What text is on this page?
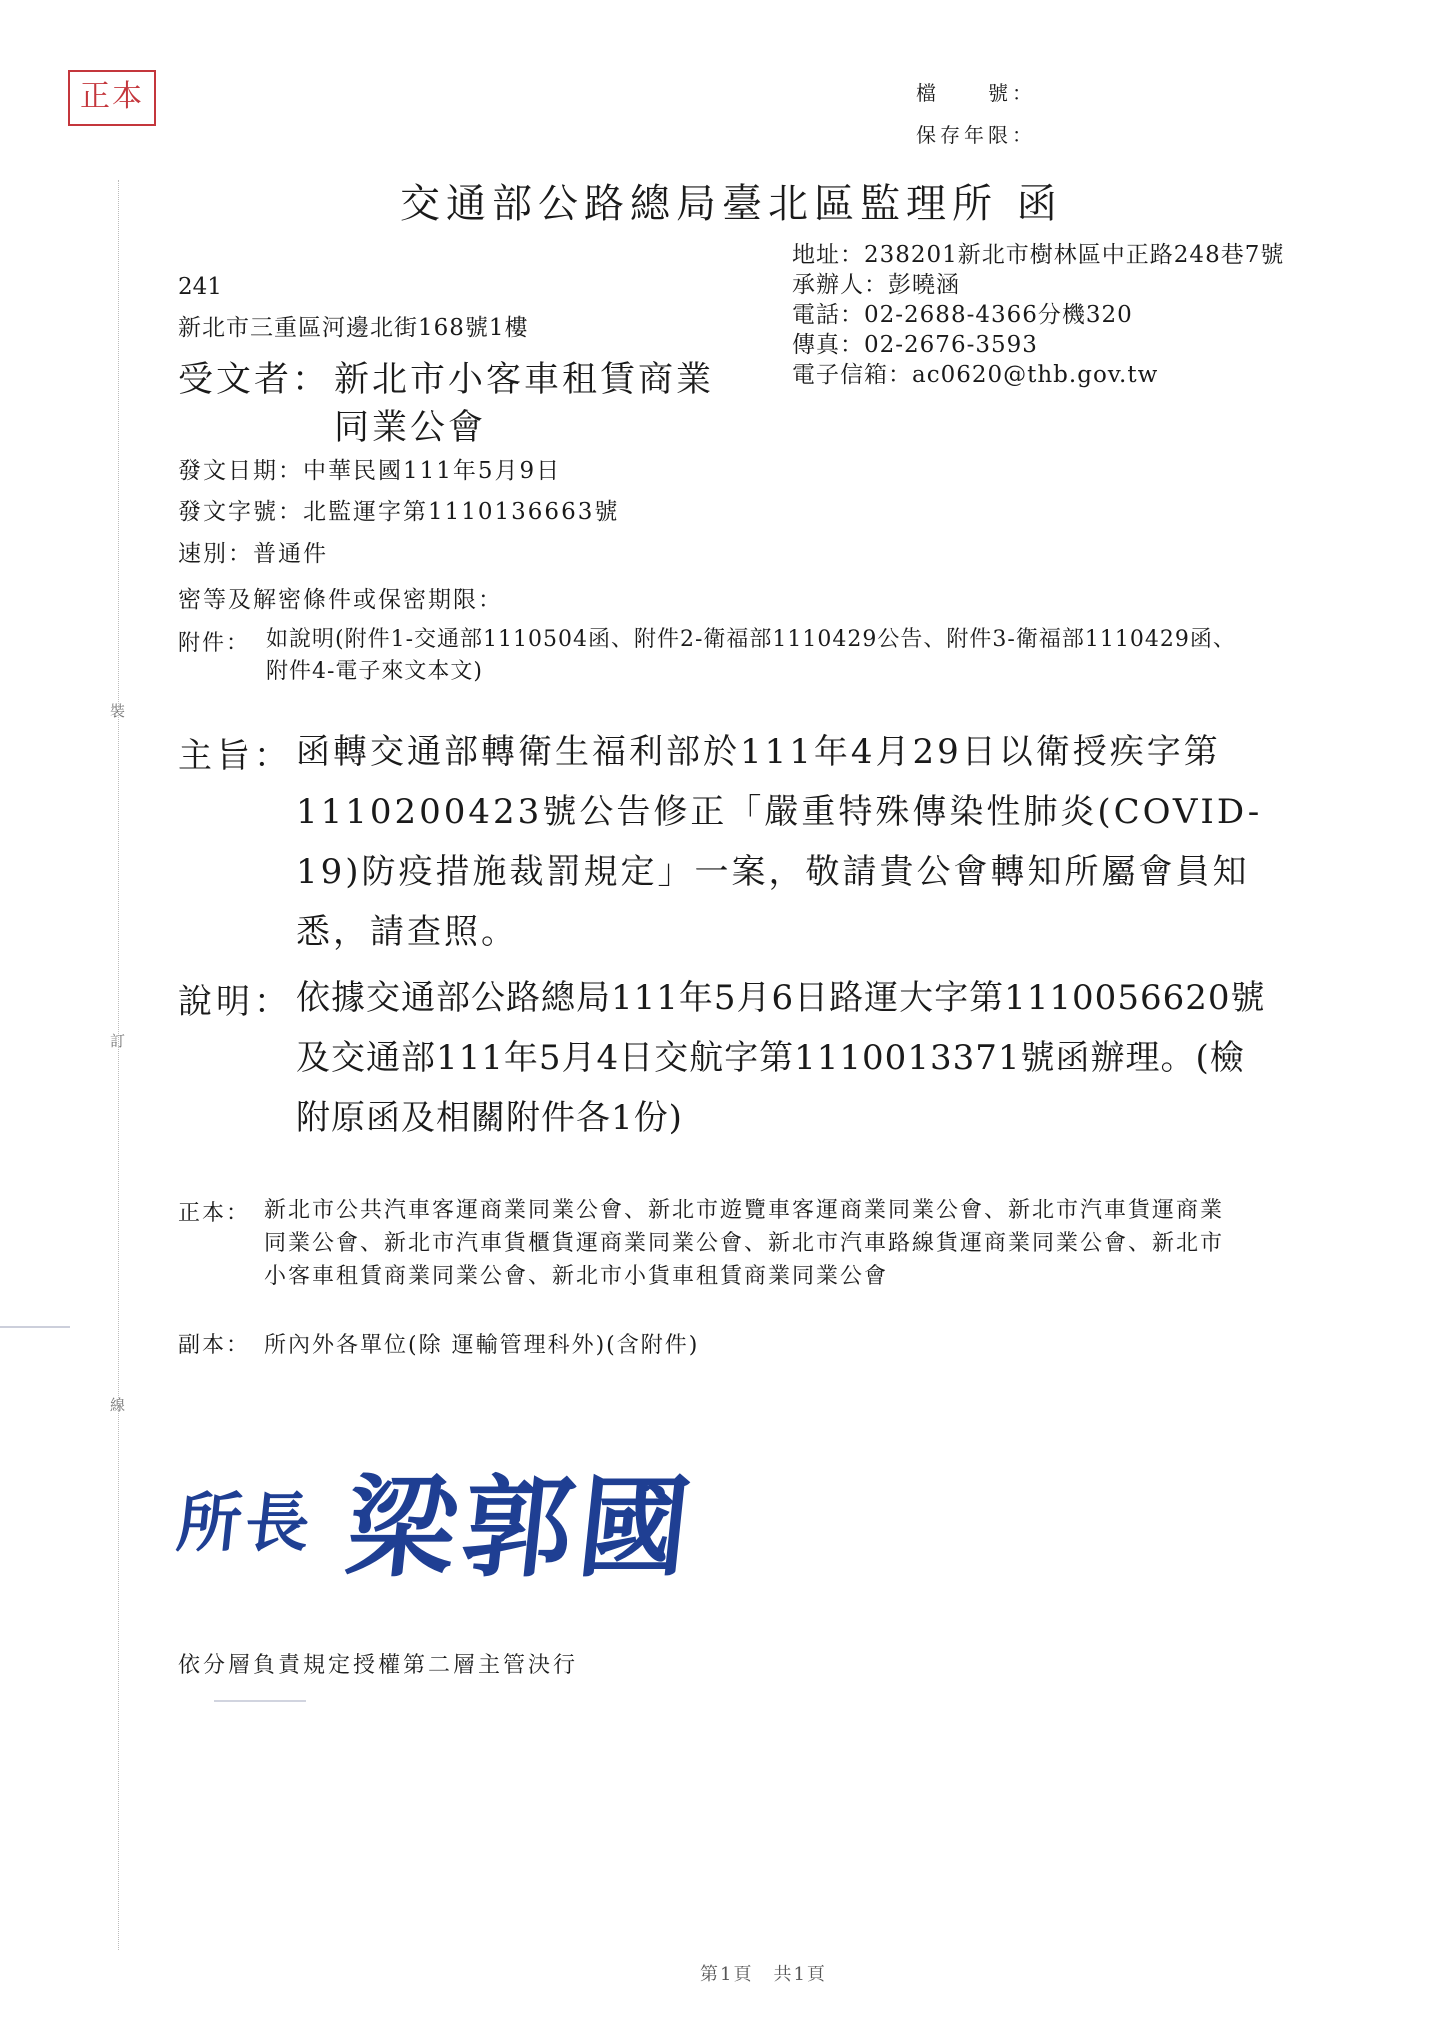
裝
訂
線
正本	檔　　號：
保存年限：
交通部公路總局臺北區監理所 函
地址：238201新北市樹林區中正路248巷7號
承辦人：彭曉涵
電話：02-2688-4366分機320
傳真：02-2676-3593
電子信箱：ac0620@thb.gov.tw
241
新北市三重區河邊北街168號1樓
受文者： 新北市小客車租賃商業
同業公會
發文日期：中華民國111年5月9日
發文字號：北監運字第1110136663號
速別：普通件
密等及解密條件或保密期限：
附件： 如說明(附件1-交通部1110504函、附件2-衛福部1110429公告、附件3-衛福部1110429函、附件4-電子來文本文)
主旨： 函轉交通部轉衛生福利部於111年4月29日以衛授疾字第1110200423號公告修正「嚴重特殊傳染性肺炎(COVID-19)防疫措施裁罰規定」一案，敬請貴公會轉知所屬會員知悉，請查照。
說明： 依據交通部公路總局111年5月6日路運大字第1110056620號及交通部111年5月4日交航字第1110013371號函辦理。(檢附原函及相關附件各1份)
正本： 新北市公共汽車客運商業同業公會、新北市遊覽車客運商業同業公會、新北市汽車貨運商業同業公會、新北市汽車貨櫃貨運商業同業公會、新北市汽車路線貨運商業同業公會、新北市小客車租賃商業同業公會、新北市小貨車租賃商業同業公會
副本： 所內外各單位(除 運輸管理科外)(含附件)
所長 梁郭國
依分層負責規定授權第二層主管決行
第1頁　共1頁
